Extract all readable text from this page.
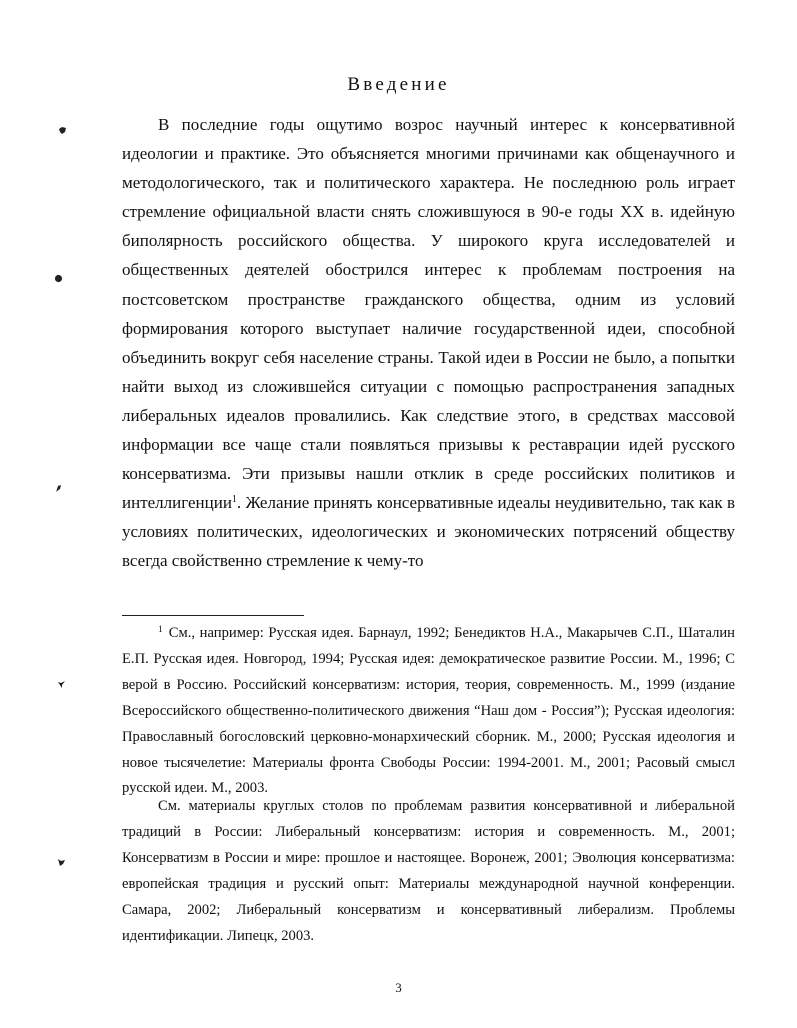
Введение

В последние годы ощутимо возрос научный интерес к консервативной идеологии и практике. Это объясняется многими причинами как общенаучного и методологического, так и политического характера. Не последнюю роль играет стремление официальной власти снять сложившуюся в 90-е годы XX в. идейную биполярность российского общества. У широкого круга исследователей и общественных деятелей обострился интерес к проблемам построения на постсоветском пространстве гражданского общества, одним из условий формирования которого выступает наличие государственной идеи, способной объединить вокруг себя население страны. Такой идеи в России не было, а попытки найти выход из сложившейся ситуации с помощью распространения западных либеральных идеалов провалились. Как следствие этого, в средствах массовой информации все чаще стали появляться призывы к реставрации идей русского консерватизма. Эти призывы нашли отклик в среде российских политиков и интеллигенции$^1$. Желание принять консервативные идеалы неудивительно, так как в условиях политических, идеологических и экономических потрясений обществу всегда свойственно стремление к чему-то

$^1$ См., например: Русская идея. Барнаул, 1992; Бенедиктов Н.А., Макарычев С.П., Шаталин Е.П. Русская идея. Новгород, 1994; Русская идея: демократическое развитие России. М., 1996; С верой в Россию. Российский консерватизм: история, теория, современность. М., 1999 (издание Всероссийского общественно-политического движения “Наш дом - Россия”); Русская идеология: Православный богословский церковно-монархический сборник. М., 2000; Русская идеология и новое тысячелетие: Материалы фронта Свободы России: 1994-2001. М., 2001; Расовый смысл русской идеи. М., 2003.

См. материалы круглых столов по проблемам развития консервативной и либеральной традиций в России: Либеральный консерватизм: история и современность. М., 2001; Консерватизм в России и мире: прошлое и настоящее. Воронеж, 2001; Эволюция консерватизма: европейская традиция и русский опыт: Материалы международной научной конференции. Самара, 2002; Либеральный консерватизм и консервативный либерализм. Проблемы идентификации. Липецк, 2003.

3
